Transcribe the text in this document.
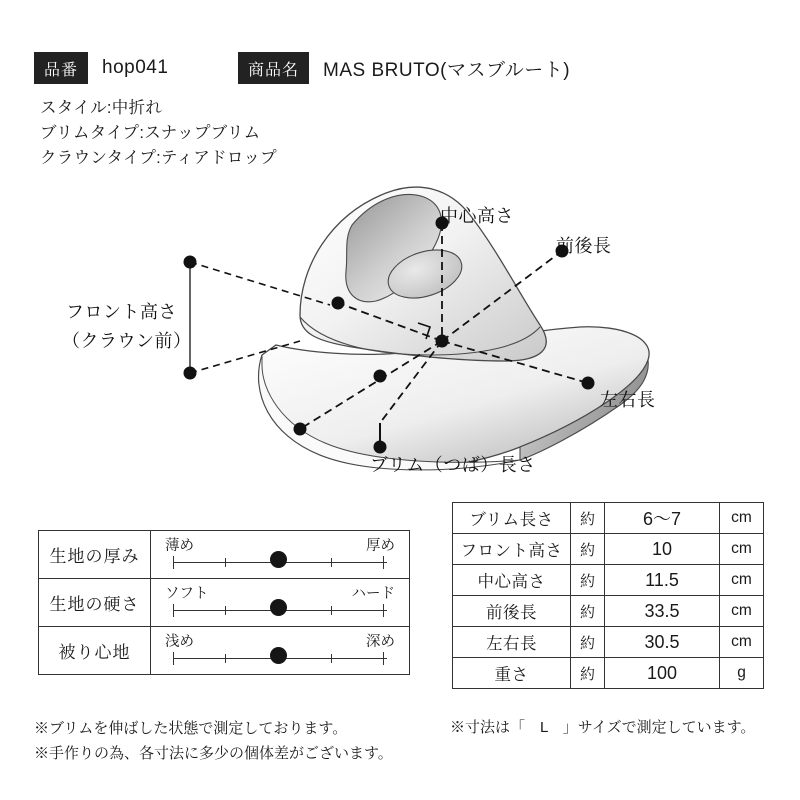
品番	hop041	商品名	MAS BRUTO(マスブルート)
スタイル:中折れ
ブリムタイプ:スナップブリム
クラウンタイプ:ティアドロップ
中心高さ
前後長
フロント高さ
（クラウン前）
左右長
ブリム（つば）長さ
生地の厚み	薄め 厚め

生地の硬さ	ソフト ハード

被り心地	浅め 深め
ブリム長さ	約	6〜7	cm
フロント高さ	約	10	cm
中心高さ	約	11.5	cm
前後長	約	33.5	cm
左右長	約	30.5	cm
重さ	約	100	g
※ブリムを伸ばした状態で測定しております。
※手作りの為、各寸法に多少の個体差がございます。
※寸法は「　L　」サイズで測定しています。
